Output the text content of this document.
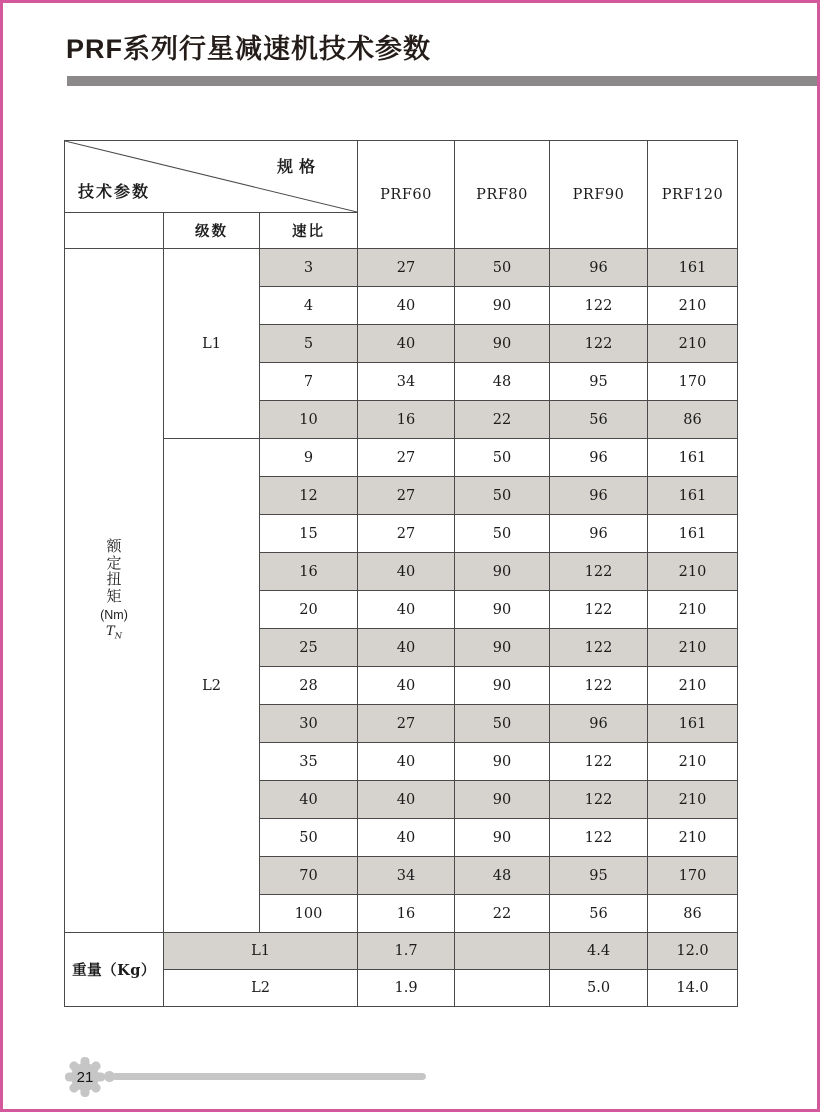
PRF系列行星减速机技术参数
规格
技术参数			PRF60	PRF80	PRF90	PRF120
	级数	速比				

额
定
扭
矩
(Nm)
$T_N$
	L1	3	27	50	96	161
		4	40	90	122	210
		5	40	90	122	210
		7	34	48	95	170
		10	16	22	56	86
	L2	9	27	50	96	161
		12	27	50	96	161
		15	27	50	96	161
		16	40	90	122	210
		20	40	90	122	210
		25	40	90	122	210
		28	40	90	122	210
		30	27	50	96	161
		35	40	90	122	210
		40	40	90	122	210
		50	40	90	122	210
		70	34	48	95	170
		100	16	22	56	86
重量（Kg）	L1		1.7		4.4	12.0
	L2		1.9		5.0	14.0
21
